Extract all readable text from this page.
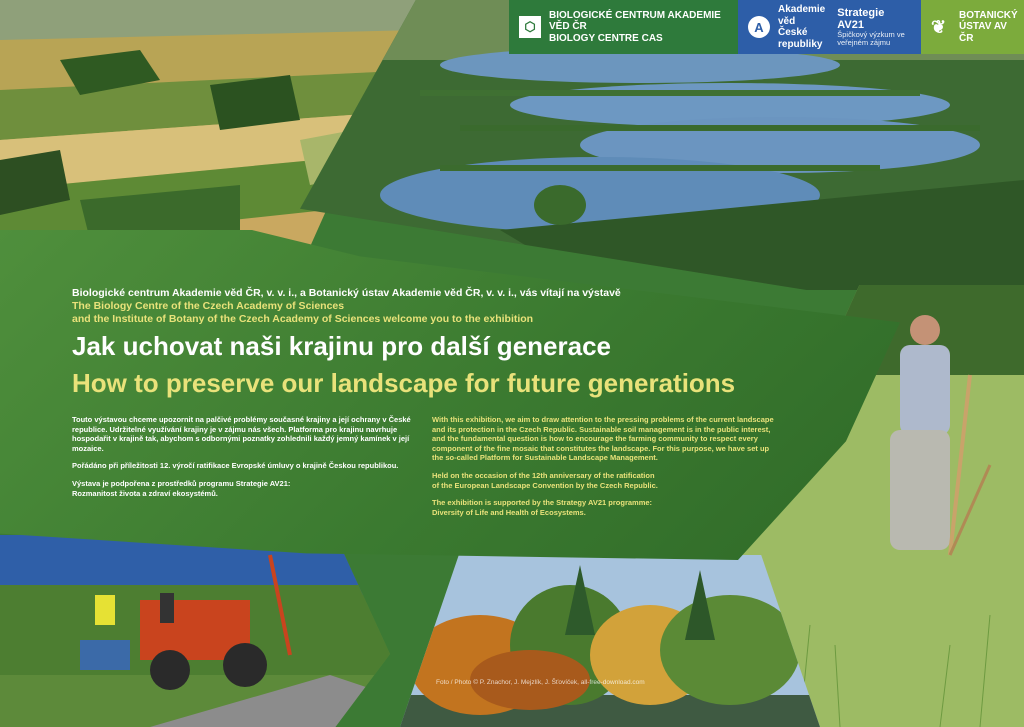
⬡
BIOLOGICKÉ CENTRUM AKADEMIE VĚD ČR
BIOLOGY CENTRE CAS
A
Akademie věd
České republiky
Strategie AV21
Špičkový výzkum ve veřejném zájmu
❦
BOTANICKÝ
ÚSTAV AV ČR
Biologické centrum Akademie věd ČR, v. v. i., a Botanický ústav Akademie věd ČR, v. v. i., vás vítají na výstavě
The Biology Centre of the Czech Academy of Sciences
and the Institute of Botany of the Czech Academy of Sciences welcome you to the exhibition
Jak uchovat naši krajinu pro další generace
How to preserve our landscape for future generations

Touto výstavou chceme upozornit na palčivé problémy současné krajiny a její ochrany v České republice. Udržitelné využívání krajiny je v zájmu nás všech. Platforma pro krajinu navrhuje hospodařit v krajině tak, abychom s odbornými poznatky zohlednili každý jemný kamínek v její mozaice.

Pořádáno při příležitosti 12. výročí ratifikace Evropské úmluvy o krajině Českou republikou.

Výstava je podpořena z prostředků programu Strategie AV21:
Rozmanitost života a zdraví ekosystémů.

With this exhibition, we aim to draw attention to the pressing problems of the current landscape and its protection in the Czech Republic. Sustainable soil management is in the public interest, and the fundamental question is how to encourage the farming community to respect every component of the fine mosaic that constitutes the landscape. For this purpose, we have set up the so-called Platform for Sustainable Landscape Management.

Held on the occasion of the 12th anniversary of the ratification
of the European Landscape Convention by the Czech Republic.

The exhibition is supported by the Strategy AV21 programme:
Diversity of Life and Health of Ecosystems.

Foto / Photo © P. Znachor, J. Mejzlík, J. Šťovíček, all-free-download.com
